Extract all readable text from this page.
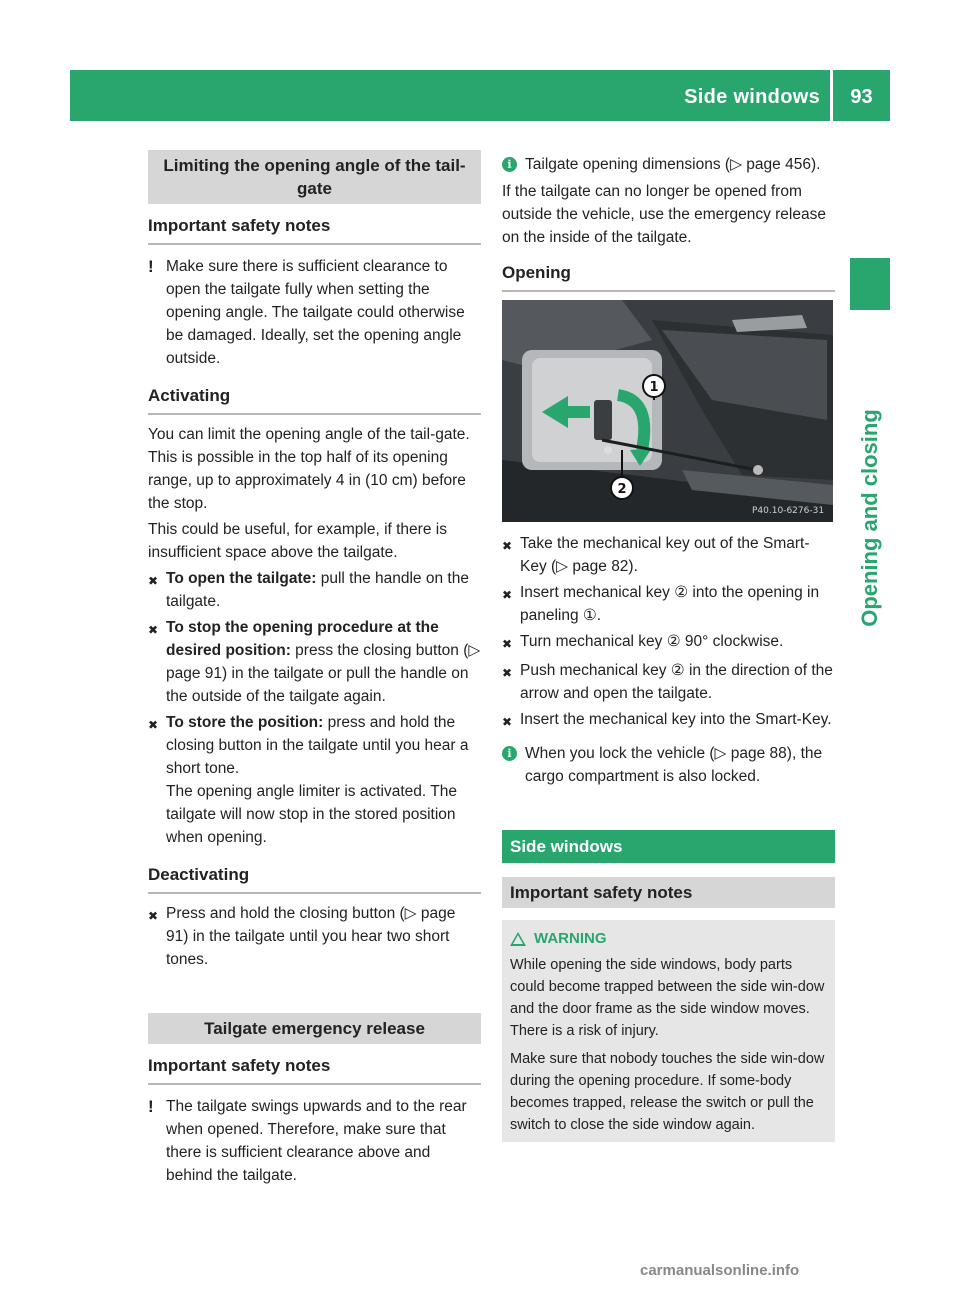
Side windows	93
Opening and closing
Limiting the opening angle of the tail-gate
Important safety notes
! Make sure there is sufficient clearance to open the tailgate fully when setting the opening angle. The tailgate could otherwise be damaged. Ideally, set the opening angle outside.
Activating
You can limit the opening angle of the tail-gate. This is possible in the top half of its opening range, up to approximately 4 in (10 cm) before the stop.
This could be useful, for example, if there is insufficient space above the tailgate.
✖ To open the tailgate: pull the handle on the tailgate.
✖ To stop the opening procedure at the desired position: press the closing button (▷ page 91) in the tailgate or pull the handle on the outside of the tailgate again.
✖ To store the position: press and hold the closing button in the tailgate until you hear a short tone.
The opening angle limiter is activated. The tailgate will now stop in the stored position when opening.
Deactivating
✖ Press and hold the closing button (▷ page 91) in the tailgate until you hear two short tones.
Tailgate emergency release
Important safety notes
! The tailgate swings upwards and to the rear when opened. Therefore, make sure that there is sufficient clearance above and behind the tailgate.
i Tailgate opening dimensions (▷ page 456).
If the tailgate can no longer be opened from outside the vehicle, use the emergency release on the inside of the tailgate.
Opening
1
2
P40.10-6276-31
✖ Take the mechanical key out of the Smart-Key (▷ page 82).
✖ Insert mechanical key ② into the opening in paneling ①.
✖ Turn mechanical key ② 90° clockwise.
✖ Push mechanical key ② in the direction of the arrow and open the tailgate.
✖ Insert the mechanical key into the Smart-Key.
i When you lock the vehicle (▷ page 88), the cargo compartment is also locked.
Side windows
Important safety notes
WARNING
While opening the side windows, body parts could become trapped between the side win-dow and the door frame as the side window moves. There is a risk of injury.
Make sure that nobody touches the side win-dow during the opening procedure. If some-body becomes trapped, release the switch or pull the switch to close the side window again.
carmanualsonline.info
